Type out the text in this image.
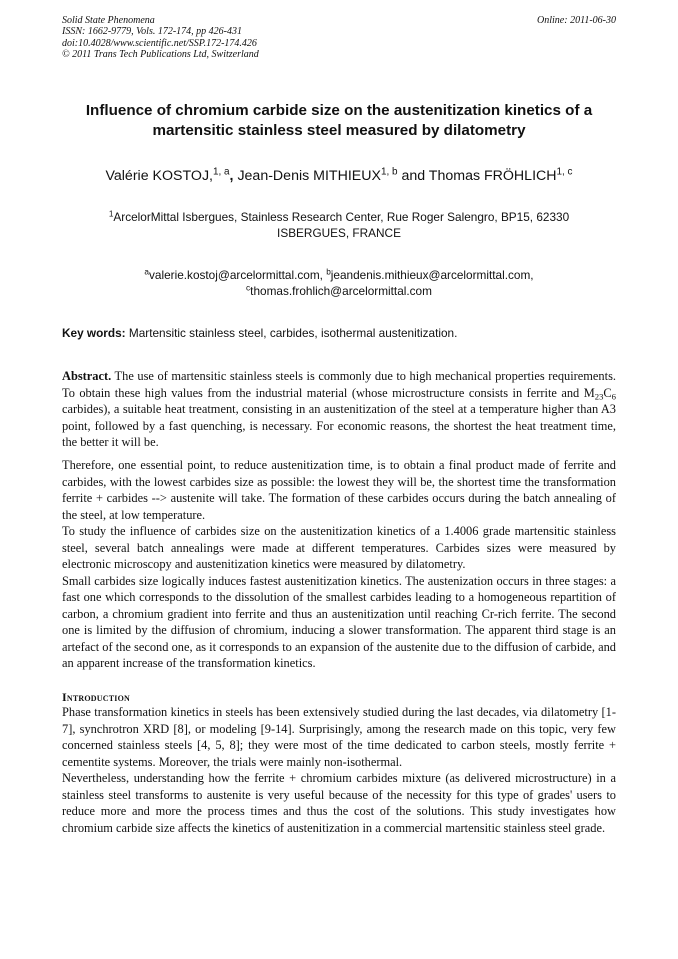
Solid State Phenomena
ISSN: 1662-9779, Vols. 172-174, pp 426-431
doi:10.4028/www.scientific.net/SSP.172-174.426
© 2011 Trans Tech Publications Ltd, Switzerland
Online: 2011-06-30
Influence of chromium carbide size on the austenitization kinetics of a martensitic stainless steel measured by dilatometry
Valérie KOSTOJ,$^{1, a}$, Jean-Denis MITHIEUX$^{1, b}$ and Thomas FRÖHLICH$^{1, c}$
$^1$ArcelorMittal Isbergues, Stainless Research Center, Rue Roger Salengro, BP15, 62330
ISBERGUES, FRANCE
$^a$valerie.kostoj@arcelormittal.com, $^b$jeandenis.mithieux@arcelormittal.com,
$^c$thomas.frohlich@arcelormittal.com
Key words: Martensitic stainless steel, carbides, isothermal austenitization.

Abstract. The use of martensitic stainless steels is commonly due to high mechanical properties requirements. To obtain these high values from the industrial material (whose microstructure consists in ferrite and $M_{23}C_6$ carbides), a suitable heat treatment, consisting in an austenitization of the steel at a temperature higher than A3 point, followed by a fast quenching, is necessary. For economic reasons, the shortest the heat treatment time, the better it will be.

Therefore, one essential point, to reduce austenitization time, is to obtain a final product made of ferrite and carbides, with the lowest carbides size as possible: the lowest they will be, the shortest time the transformation ferrite + carbides --> austenite will take. The formation of these carbides occurs during the batch annealing of the steel, at low temperature.

To study the influence of carbides size on the austenitization kinetics of a 1.4006 grade martensitic stainless steel, several batch annealings were made at different temperatures. Carbides sizes were measured by electronic microscopy and austenitization kinetics were measured by dilatometry.

Small carbides size logically induces fastest austenitization kinetics. The austenization occurs in three stages: a fast one which corresponds to the dissolution of the smallest carbides leading to a homogeneous repartition of carbon, a chromium gradient into ferrite and thus an austenitization until reaching Cr-rich ferrite. The second one is limited by the diffusion of chromium, inducing a slower transformation. The apparent third stage is an artefact of the second one, as it corresponds to an expansion of the austenite due to the diffusion of carbide, and an apparent increase of the transformation kinetics.

Introduction

Phase transformation kinetics in steels has been extensively studied during the last decades, via dilatometry [1-7], synchrotron XRD [8], or modeling [9-14]. Surprisingly, among the research made on this topic, very few concerned stainless steels [4, 5, 8]; they were most of the time dedicated to carbon steels, mostly ferrite + cementite systems. Moreover, the trials were mainly non-isothermal.

Nevertheless, understanding how the ferrite + chromium carbides mixture (as delivered microstructure) in a stainless steel transforms to austenite is very useful because of the necessity for this type of grades' users to reduce more and more the process times and thus the cost of the solutions. This study investigates how chromium carbide size affects the kinetics of austenitization in a commercial martensitic stainless steel grade.
